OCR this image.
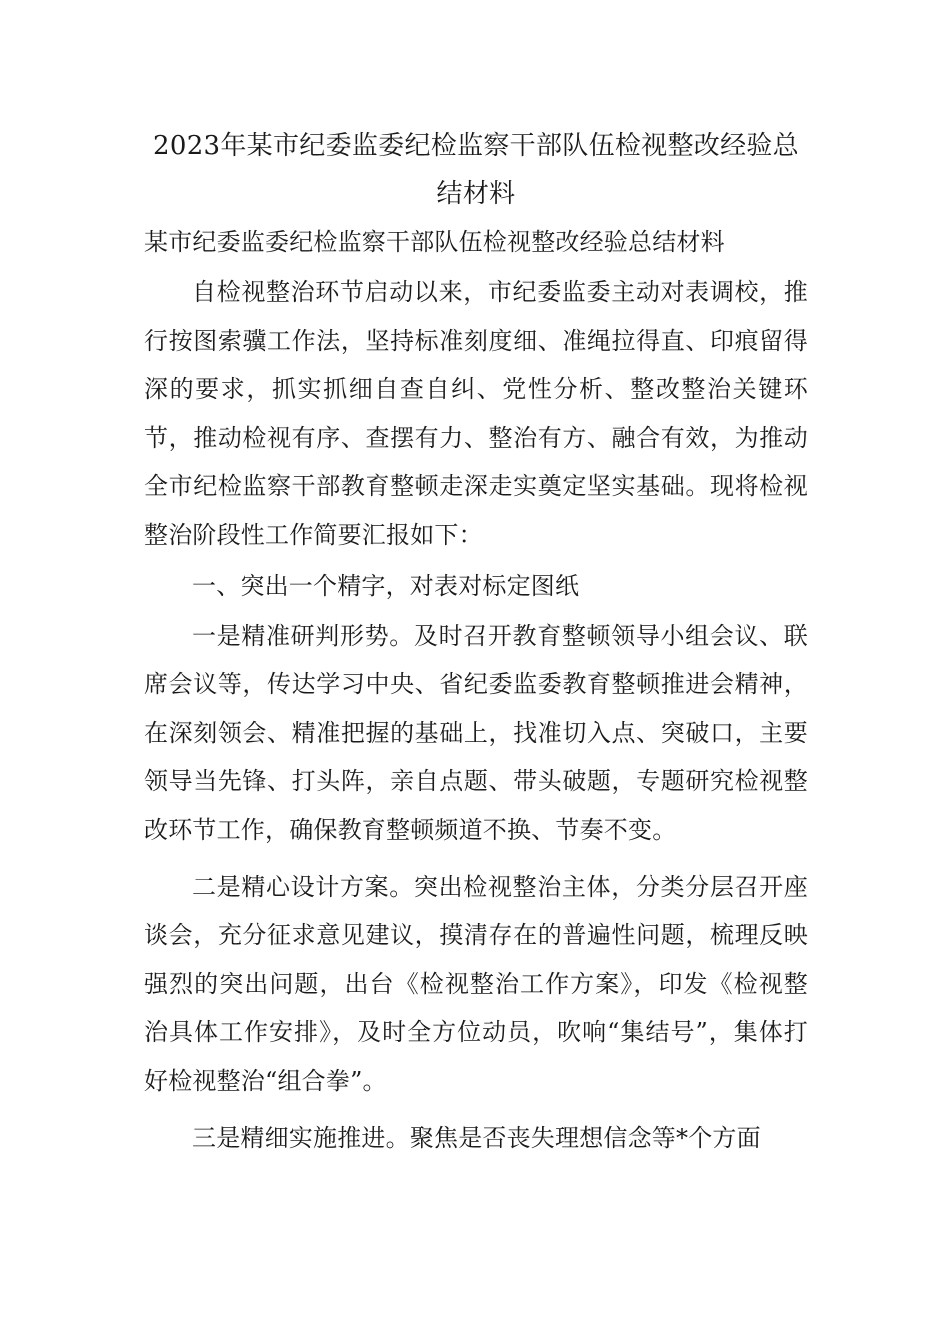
2023年某市纪委监委纪检监察干部队伍检视整改经验总结材料

某市纪委监委纪检监察干部队伍检视整改经验总结材料

自检视整治环节启动以来，市纪委监委主动对表调校，推行按图索骥工作法，坚持标准刻度细、准绳拉得直、印痕留得深的要求，抓实抓细自查自纠、党性分析、整改整治关键环节，推动检视有序、查摆有力、整治有方、融合有效，为推动全市纪检监察干部教育整顿走深走实奠定坚实基础。现将检视整治阶段性工作简要汇报如下：

一、突出一个精字，对表对标定图纸

一是精准研判形势。及时召开教育整顿领导小组会议、联席会议等，传达学习中央、省纪委监委教育整顿推进会精神，在深刻领会、精准把握的基础上，找准切入点、突破口，主要领导当先锋、打头阵，亲自点题、带头破题，专题研究检视整改环节工作，确保教育整顿频道不换、节奏不变。

二是精心设计方案。突出检视整治主体，分类分层召开座谈会，充分征求意见建议，摸清存在的普遍性问题，梳理反映强烈的突出问题，出台《检视整治工作方案》，印发《检视整治具体工作安排》，及时全方位动员，吹响“集结号”，集体打好检视整治“组合拳”。

三是精细实施推进。聚焦是否丧失理想信念等*个方面
